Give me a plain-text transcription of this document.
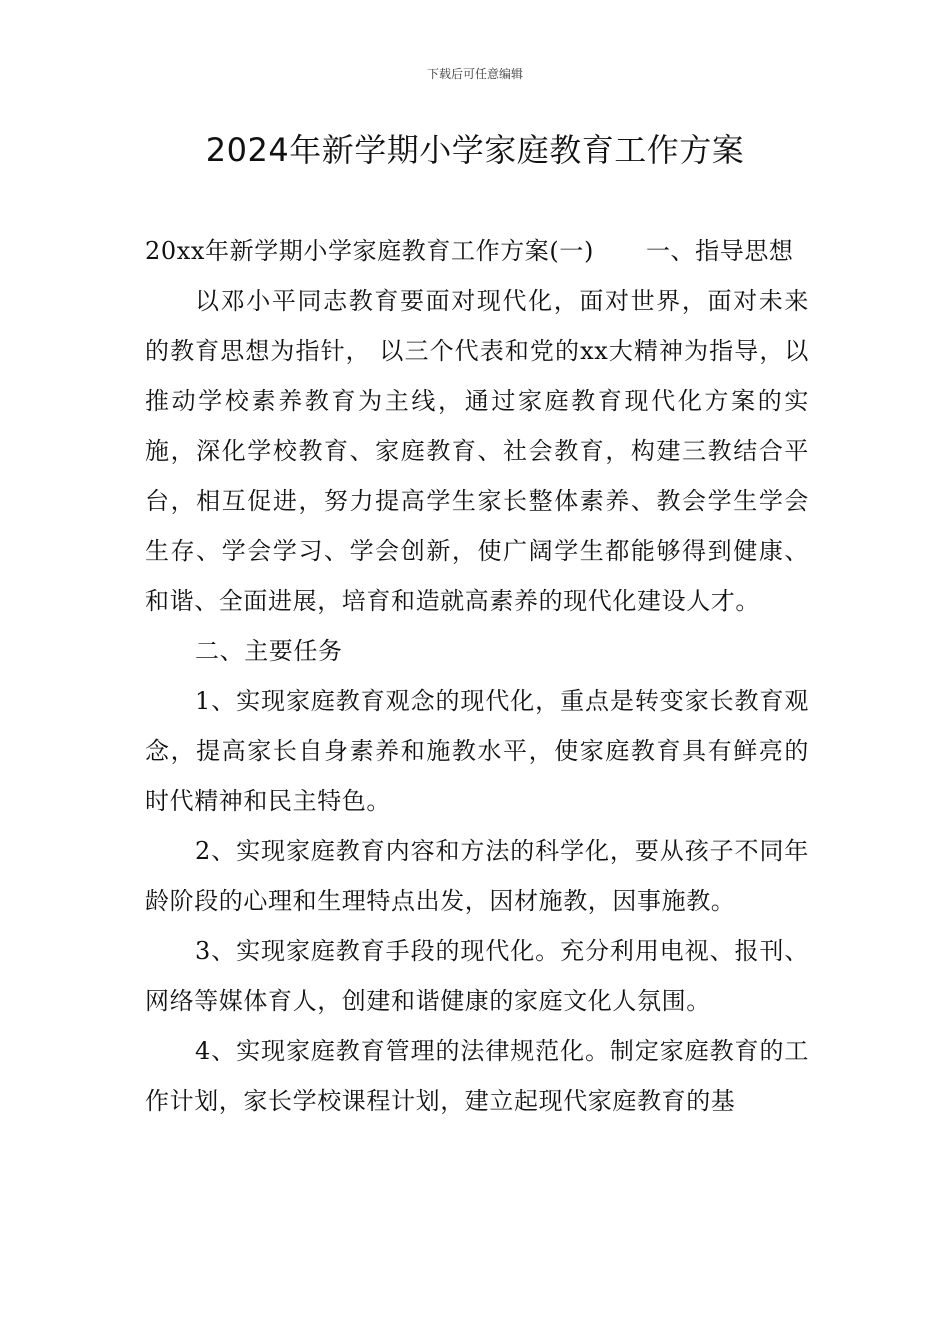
下载后可任意编辑
2024年新学期小学家庭教育工作方案

20xx年新学期小学家庭教育工作方案(一) 一、指导思想

以邓小平同志教育要面对现代化，面对世界，面对未来的教育思想为指针， 以三个代表和党的xx大精神为指导，以推动学校素养教育为主线，通过家庭教育现代化方案的实施，深化学校教育、家庭教育、社会教育，构建三教结合平台，相互促进，努力提高学生家长整体素养、教会学生学会生存、学会学习、学会创新，使广阔学生都能够得到健康、和谐、全面进展，培育和造就高素养的现代化建设人才。

二、主要任务

1、实现家庭教育观念的现代化，重点是转变家长教育观念，提高家长自身素养和施教水平，使家庭教育具有鲜亮的时代精神和民主特色。

2、实现家庭教育内容和方法的科学化，要从孩子不同年龄阶段的心理和生理特点出发，因材施教，因事施教。

3、实现家庭教育手段的现代化。充分利用电视、报刊、网络等媒体育人，创建和谐健康的家庭文化人氛围。

4、实现家庭教育管理的法律规范化。制定家庭教育的工作计划，家长学校课程计划，建立起现代家庭教育的基
